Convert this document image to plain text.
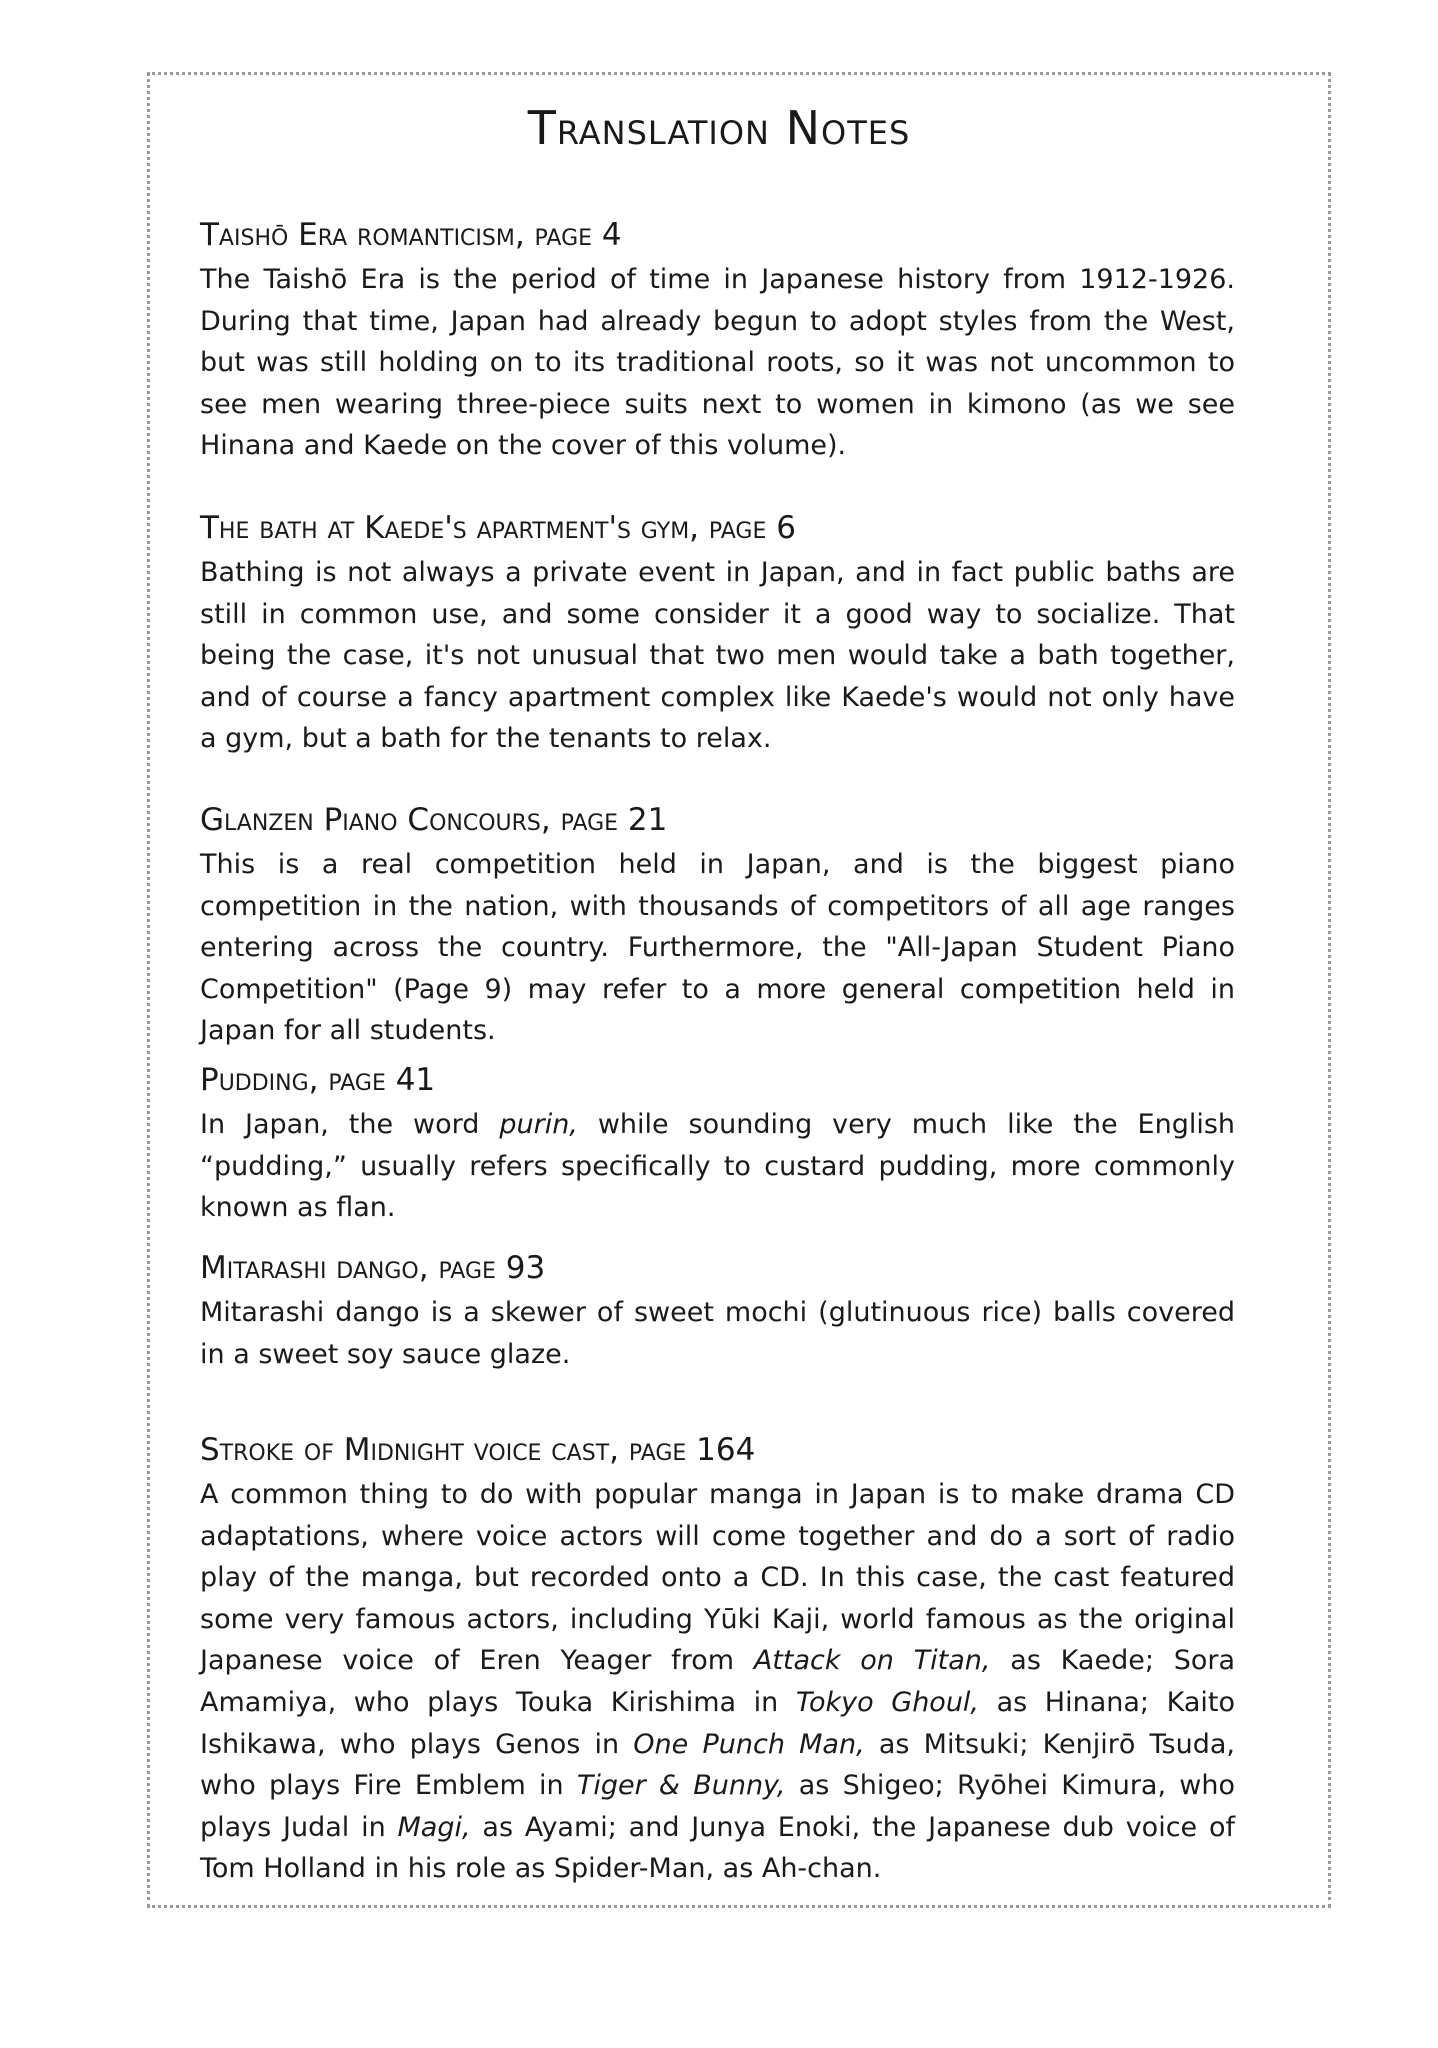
Translation Notes
Taishō Era romanticism, page 4

The Taishō Era is the period of time in Japanese history from 1912-1926. During that time, Japan had already begun to adopt styles from the West, but was still holding on to its traditional roots, so it was not uncommon to see men wearing three-piece suits next to women in kimono (as we see Hinana and Kaede on the cover of this volume).

The bath at Kaede's apartment's gym, page 6

Bathing is not always a private event in Japan, and in fact public baths are still in common use, and some consider it a good way to socialize. That being the case, it's not unusual that two men would take a bath together, and of course a fancy apartment complex like Kaede's would not only have a gym, but a bath for the tenants to relax.

Glanzen Piano Concours, page 21

This is a real competition held in Japan, and is the biggest piano competition in the nation, with thousands of competitors of all age ranges entering across the country. Furthermore, the "All-Japan Student Piano Competition" (Page 9) may refer to a more general competition held in Japan for all students.

Pudding, page 41

In Japan, the word purin, while sounding very much like the English “pudding,” usually refers specifically to custard pudding, more commonly known as flan.

Mitarashi dango, page 93

Mitarashi dango is a skewer of sweet mochi (glutinuous rice) balls covered in a sweet soy sauce glaze.

Stroke of Midnight voice cast, page 164

A common thing to do with popular manga in Japan is to make drama CD adaptations, where voice actors will come together and do a sort of radio play of the manga, but recorded onto a CD. In this case, the cast featured some very famous actors, including Yūki Kaji, world famous as the original Japanese voice of Eren Yeager from Attack on Titan, as Kaede; Sora Amamiya, who plays Touka Kirishima in Tokyo Ghoul, as Hinana; Kaito Ishikawa, who plays Genos in One Punch Man, as Mitsuki; Kenjirō Tsuda, who plays Fire Emblem in Tiger & Bunny, as Shigeo; Ryōhei Kimura, who plays Judal in Magi, as Ayami; and Junya Enoki, the Japanese dub voice of Tom Holland in his role as Spider-Man, as Ah-chan.
